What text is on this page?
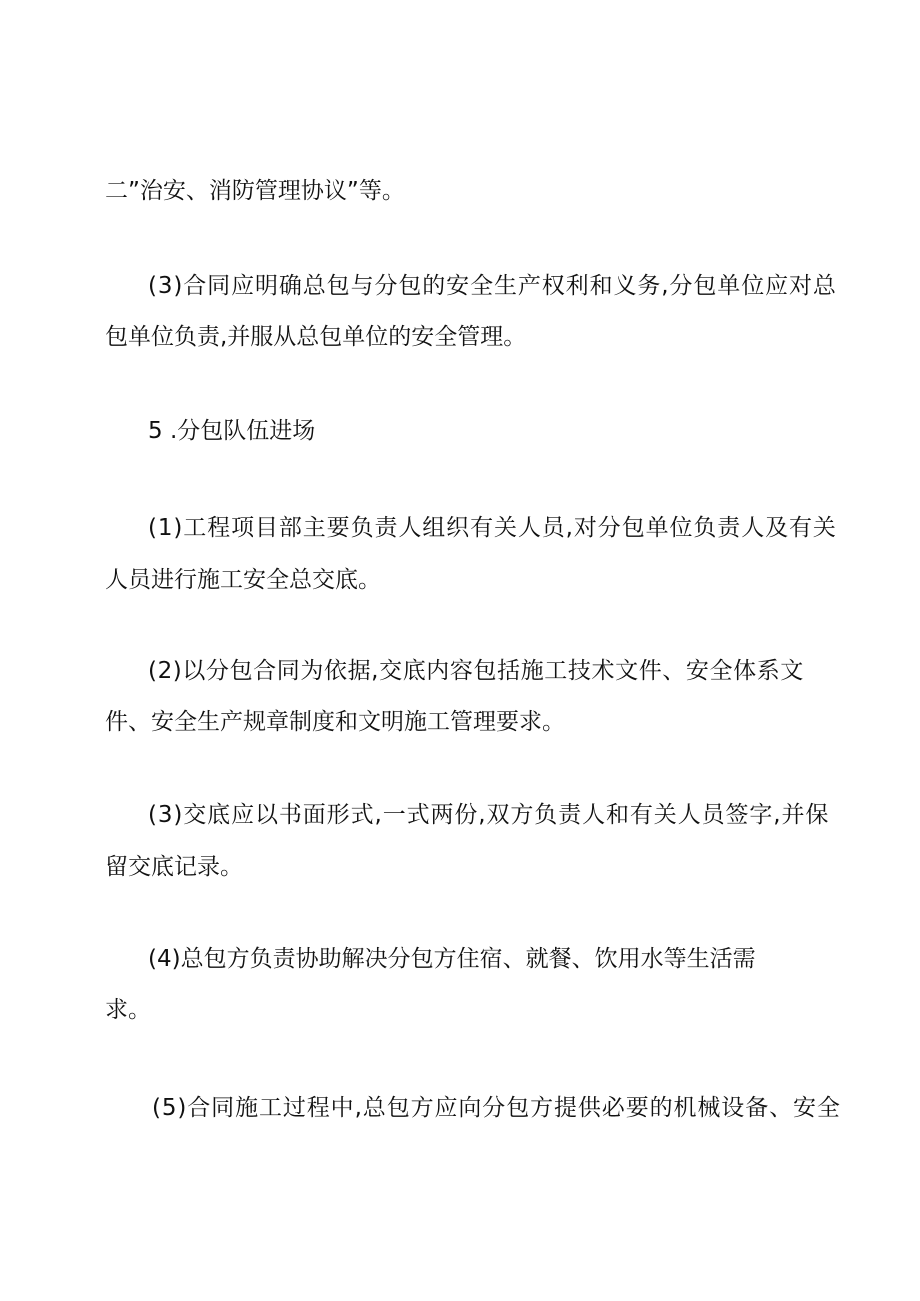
二”治安、消防管理协议”等。
(3)合同应明确总包与分包的安全生产权利和义务,分包单位应对总
包单位负责,并服从总包单位的安全管理。
5 .分包队伍进场
(1)工程项目部主要负责人组织有关人员,对分包单位负责人及有关
人员进行施工安全总交底。
(2)以分包合同为依据,交底内容包括施工技术文件、安全体系文
件、安全生产规章制度和文明施工管理要求。
(3)交底应以书面形式,一式两份,双方负责人和有关人员签字,并保
留交底记录。
(4)总包方负责协助解决分包方住宿、就餐、饮用水等生活需
求。
(5)合同施工过程中,总包方应向分包方提供必要的机械设备、安全
